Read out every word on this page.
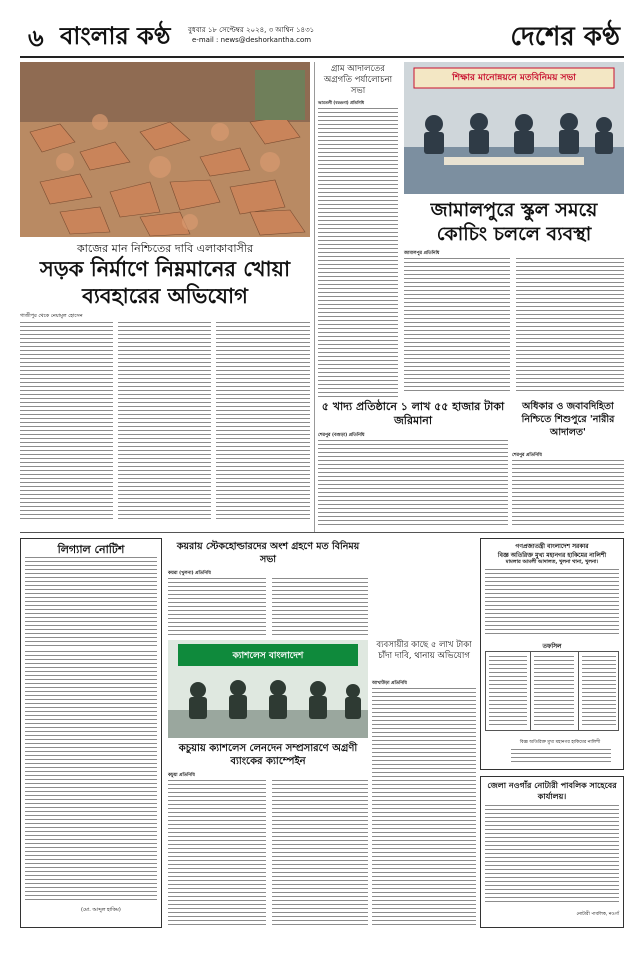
৬ বাংলার কণ্ঠ	বুধবার ১৮ সেপ্টেম্বর ২০২৪, ৩ আশ্বিন ১৪৩১
e-mail : news@deshorkantha.com	দেশের কণ্ঠ
কাজের মান নিশ্চিতের দাবি এলাকাবাসীর
সড়ক নির্মাণে নিম্নমানের খোয়া ব্যবহারের অভিযোগ
গাজীপুর থেকে নেয়ামুল হোসেন
গ্রাম আদালতের অগ্রগতি পর্যালোচনা সভা
আমতলী (বরগুনা) প্রতিনিধি
শিক্ষার মানোন্নয়নে মতবিনিময় সভা
জামালপুরে স্কুল সময়ে কোচিং চললে ব্যবস্থা
জামালপুর প্রতিনিধি
৫ খাদ্য প্রতিষ্ঠানে ১ লাখ ৫৫ হাজার টাকা জরিমানা
শেরপুর (বগুড়া) প্রতিনিধি
অধিকার ও জবাবদিহিতা নিশ্চিতে শিশুপুরে 'নারীর আদালত'
শেরপুর প্রতিনিধি
লিগ্যাল নোটিশ
(মো. আব্দুল হাকিম)
কয়রায় স্টেকহোল্ডারদের অংশ গ্রহণে মত বিনিময় সভা
কয়রা (খুলনা) প্রতিনিধি
ক্যাশলেস বাংলাদেশ
কচুয়ায় ক্যাশলেস লেনদেন সম্প্রসারণে অগ্রণী ব্যাংকের ক্যাম্পেইন
কচুয়া প্রতিনিধি
ব্যবসায়ীর কাছে ৫ লাখ টাকা চাঁদা দাবি, থানায় অভিযোগ
আখাউড়া প্রতিনিধি
গণপ্রজাতন্ত্রী বাংলাদেশ সরকার
বিজ্ঞ অতিরিক্ত মুখ্য মহানগর হাকিমের নালিশী
মামলার আমলী আদালত, খুলনা থানা, খুলনা।
তফসিল
বিজ্ঞ অতিরিক্ত মুখ্য মহানগর হাকিমের নালিশী
জেলা নওগাঁর নোটারী পাবলিক সাহেবের কার্যালয়।
নোটারী পাবলিক, নওগাঁ
